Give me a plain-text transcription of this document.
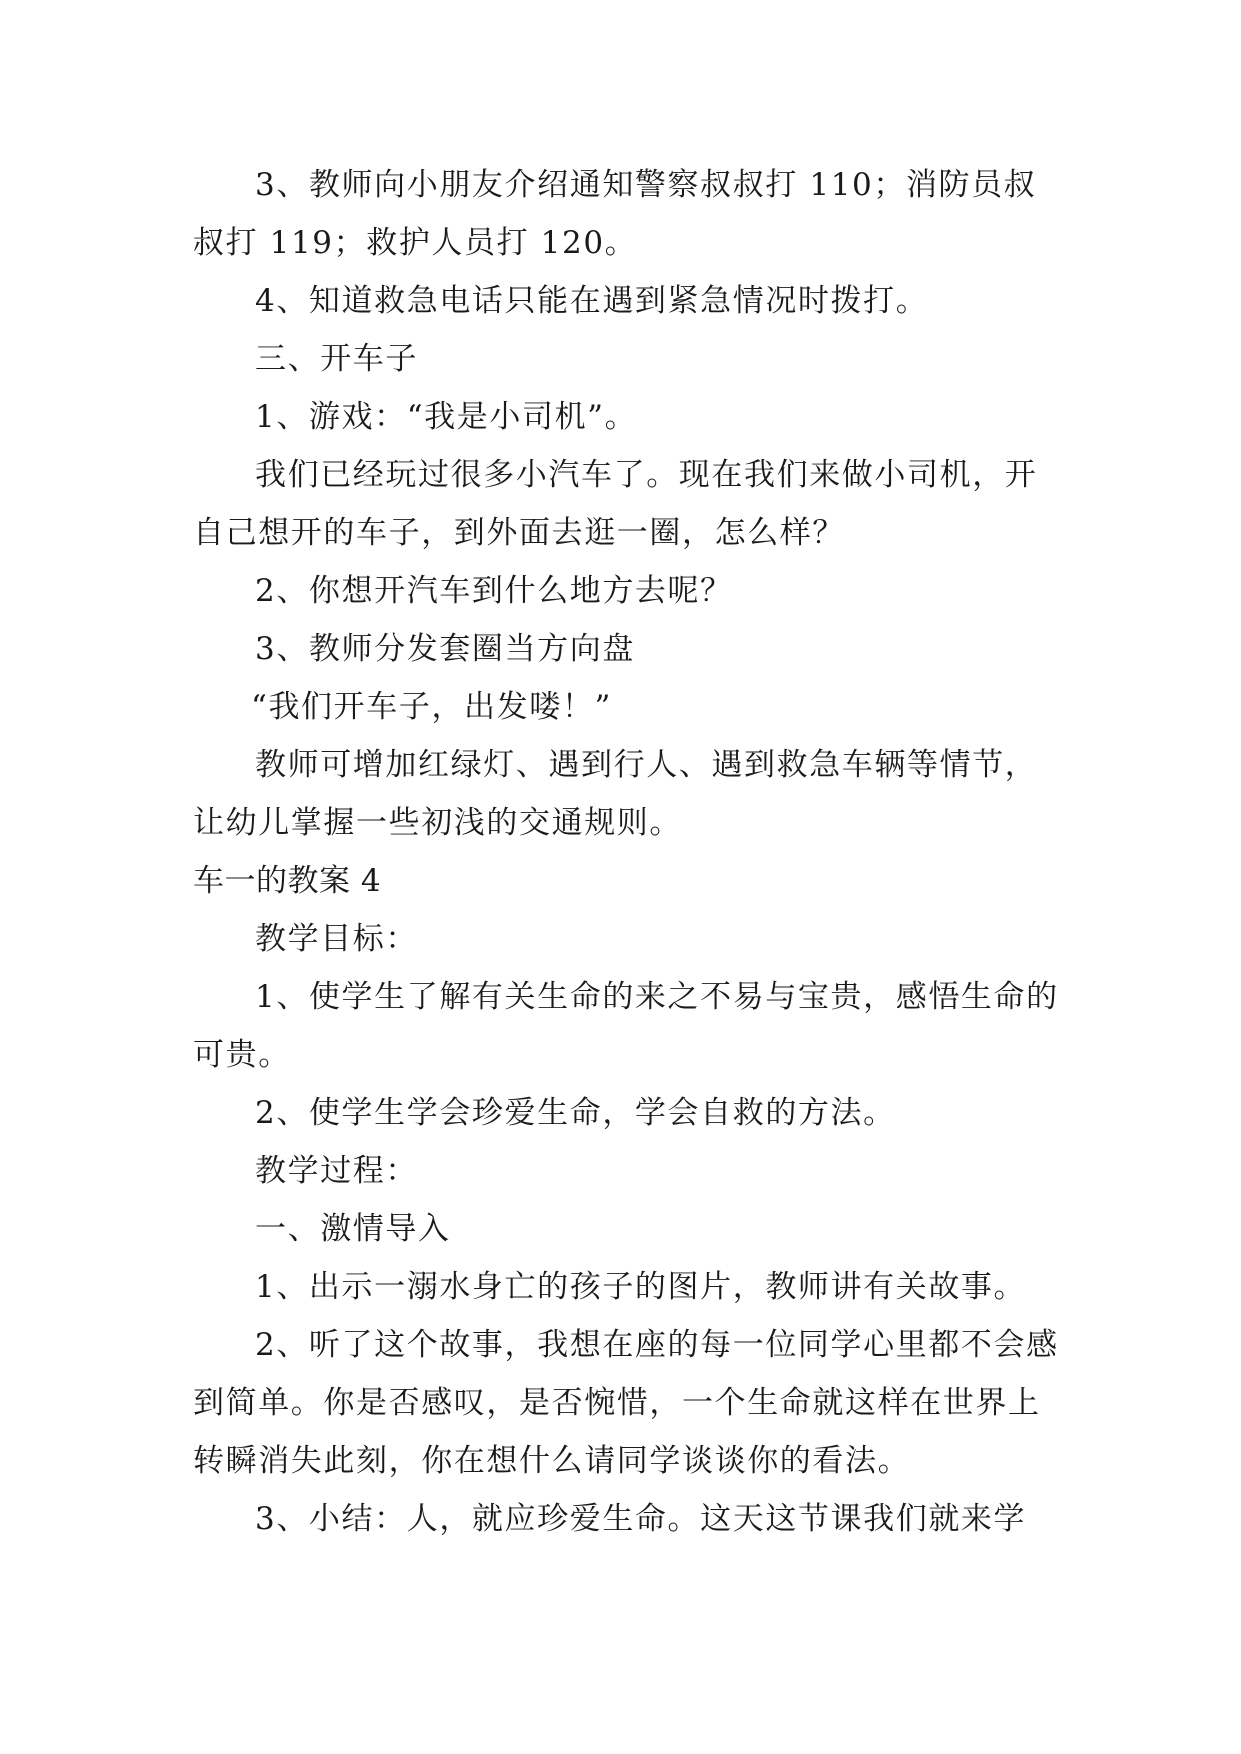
3、教师向小朋友介绍通知警察叔叔打 110；消防员叔叔打 119；救护人员打 120。

4、知道救急电话只能在遇到紧急情况时拨打。

三、开车子

1、游戏：“我是小司机”。

我们已经玩过很多小汽车了。现在我们来做小司机，开自己想开的车子，到外面去逛一圈，怎么样？

2、你想开汽车到什么地方去呢？

3、教师分发套圈当方向盘

“我们开车子，出发喽！”

教师可增加红绿灯、遇到行人、遇到救急车辆等情节，让幼儿掌握一些初浅的交通规则。

车一的教案 4

教学目标：

1、使学生了解有关生命的来之不易与宝贵，感悟生命的可贵。

2、使学生学会珍爱生命，学会自救的方法。

教学过程：

一、激情导入

1、出示一溺水身亡的孩子的图片，教师讲有关故事。

2、听了这个故事，我想在座的每一位同学心里都不会感到简单。你是否感叹，是否惋惜，一个生命就这样在世界上转瞬消失此刻，你在想什么请同学谈谈你的看法。

3、小结：人，就应珍爱生命。这天这节课我们就来学
